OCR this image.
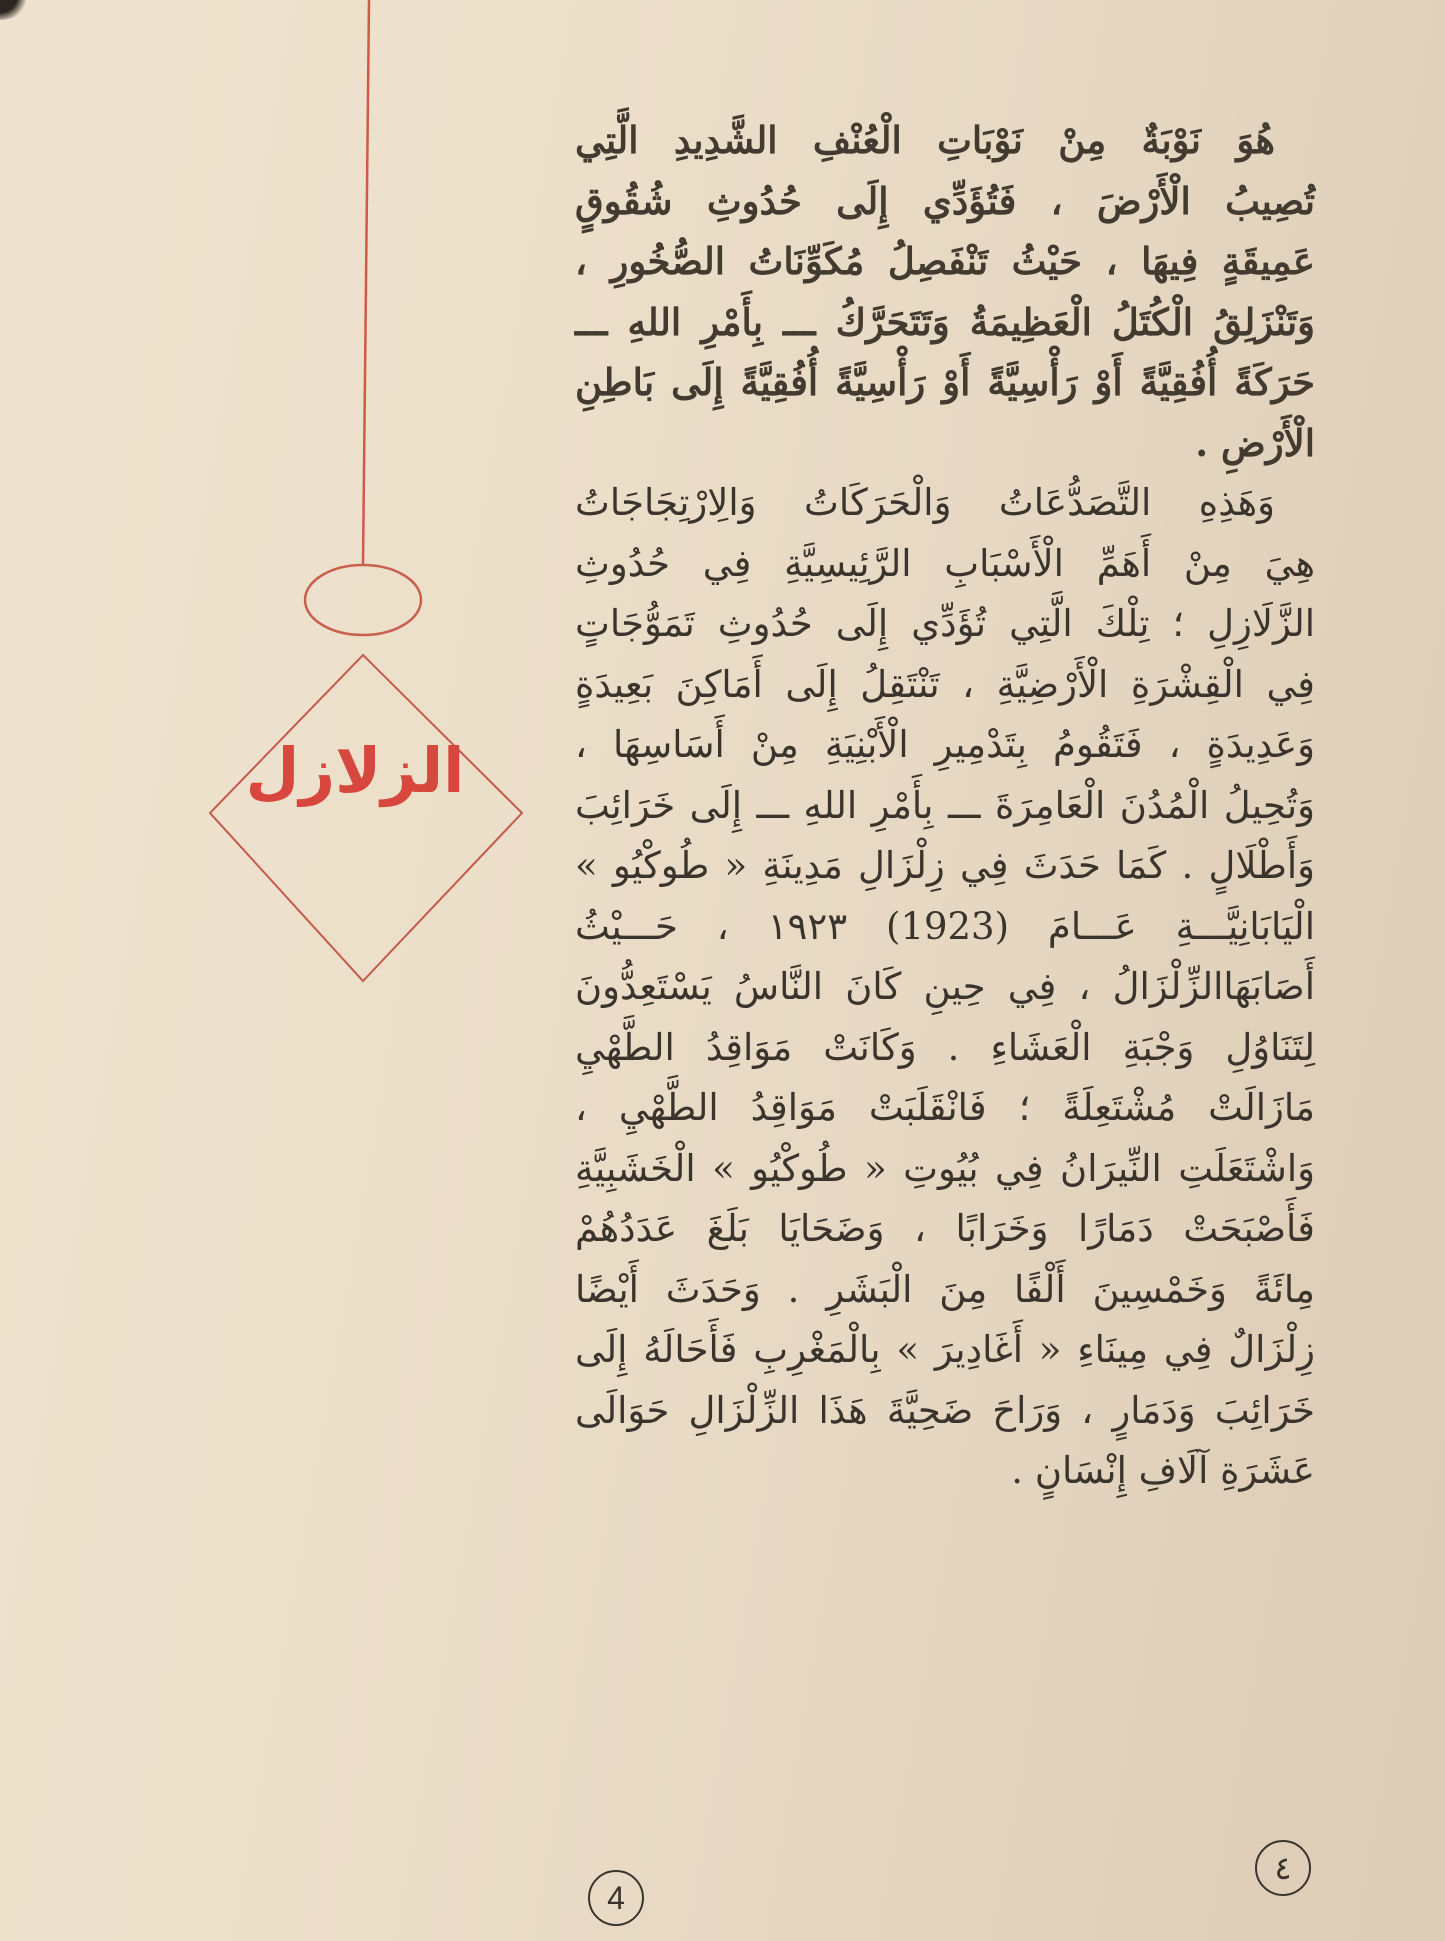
الزلازل
هُوَ نَوْبَةٌ مِنْ نَوْبَاتِ الْعُنْفِ الشَّدِيدِ الَّتِي
تُصِيبُ الْأَرْضَ ، فَتُؤَدِّي إِلَى حُدُوثِ شُقُوقٍ
عَمِيقَةٍ فِيهَا ، حَيْثُ تَنْفَصِلُ مُكَوِّنَاتُ الصُّخُورِ ،
وَتَنْزَلِقُ الْكُتَلُ الْعَظِيمَةُ وَتَتَحَرَّكُ ـــ بِأَمْرِ اللهِ ـــ
حَرَكَةً أُفُقِيَّةً أَوْ رَأْسِيَّةً أَوْ رَأْسِيَّةً أُفُقِيَّةً إِلَى بَاطِنِ
الْأَرْضِ .
وَهَذِهِ التَّصَدُّعَاتُ وَالْحَرَكَاتُ وَالِارْتِجَاجَاتُ
هِيَ مِنْ أَهَمِّ الْأَسْبَابِ الرَّئِيسِيَّةِ فِي حُدُوثِ
الزَّلَازِلِ ؛ تِلْكَ الَّتِي تُؤَدِّي إِلَى حُدُوثِ تَمَوُّجَاتٍ
فِي الْقِشْرَةِ الْأَرْضِيَّةِ ، تَنْتَقِلُ إِلَى أَمَاكِنَ بَعِيدَةٍ
وَعَدِيدَةٍ ، فَتَقُومُ بِتَدْمِيرِ الْأَبْنِيَةِ مِنْ أَسَاسِهَا ،
وَتُحِيلُ الْمُدُنَ الْعَامِرَةَ ـــ بِأَمْرِ اللهِ ـــ إِلَى خَرَائِبَ
وَأَطْلَالٍ . كَمَا حَدَثَ فِي زِلْزَالِ مَدِينَةِ « طُوكْيُو »
الْيَابَانِيَّـــةِ عَـــامَ (1923) ١٩٢٣ ، حَـــيْثُ
أَصَابَهَاالزِّلْزَالُ ، فِي حِينِ كَانَ النَّاسُ يَسْتَعِدُّونَ
لِتَنَاوُلِ وَجْبَةِ الْعَشَاءِ . وَكَانَتْ مَوَاقِدُ الطَّهْيِ
مَازَالَتْ مُشْتَعِلَةً ؛ فَانْقَلَبَتْ مَوَاقِدُ الطَّهْيِ ،
وَاشْتَعَلَتِ النِّيرَانُ فِي بُيُوتِ « طُوكْيُو » الْخَشَبِيَّةِ
فَأَصْبَحَتْ دَمَارًا وَخَرَابًا ، وَضَحَايَا بَلَغَ عَدَدُهُمْ
مِائَةً وَخَمْسِينَ أَلْفًا مِنَ الْبَشَرِ . وَحَدَثَ أَيْضًا
زِلْزَالٌ فِي مِينَاءِ « أَغَادِيرَ » بِالْمَغْرِبِ فَأَحَالَهُ إِلَى
خَرَائِبَ وَدَمَارٍ ، وَرَاحَ ضَحِيَّةَ هَذَا الزِّلْزَالِ حَوَالَى
عَشَرَةِ آلَافِ إِنْسَانٍ .
٤
4
